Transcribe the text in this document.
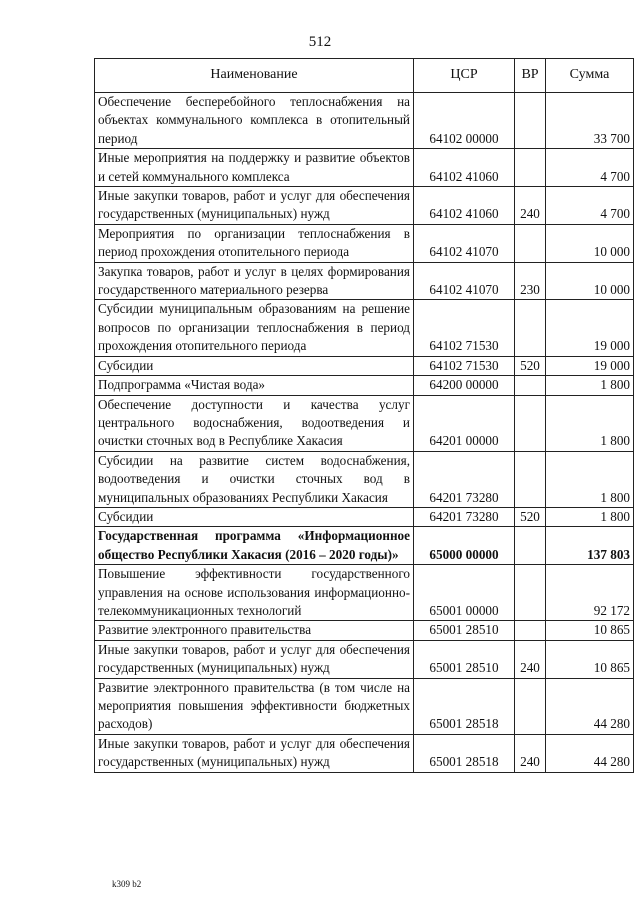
512
Наименование	ЦСР	ВР	Сумма
Обеспечение бесперебойного теплоснабжения на объектах коммунального комплекса в отопительный период	64102 00000		33 700
Иные мероприятия на поддержку и развитие объектов и сетей коммунального комплекса	64102 41060		4 700
Иные закупки товаров, работ и услуг для обеспечения государственных (муниципальных) нужд	64102 41060	240	4 700
Мероприятия по организации теплоснабжения в период прохождения отопительного периода	64102 41070		10 000
Закупка товаров, работ и услуг в целях формирования государственного материального резерва	64102 41070	230	10 000
Субсидии муниципальным образованиям на решение вопросов по организации теплоснабжения в период прохождения отопительного периода	64102 71530		19 000
Субсидии	64102 71530	520	19 000
Подпрограмма «Чистая вода»	64200 00000		1 800
Обеспечение доступности и качества услуг центрального водоснабжения, водоотведения и очистки сточных вод в Республике Хакасия	64201 00000		1 800
Субсидии на развитие систем водоснабжения, водоотведения и очистки сточных вод в муниципальных образованиях Республики Хакасия	64201 73280		1 800
Субсидии	64201 73280	520	1 800
Государственная программа «Информационное общество Республики Хакасия (2016 – 2020 годы)»	65000 00000		137 803
Повышение эффективности государственного управления на основе использования информационно-телекоммуникационных технологий	65001 00000		92 172
Развитие электронного правительства	65001 28510		10 865
Иные закупки товаров, работ и услуг для обеспечения государственных (муниципальных) нужд	65001 28510	240	10 865
Развитие электронного правительства (в том числе на мероприятия повышения эффективности бюджетных расходов)	65001 28518		44 280
Иные закупки товаров, работ и услуг для обеспечения государственных (муниципальных) нужд	65001 28518	240	44 280
k309 b2
